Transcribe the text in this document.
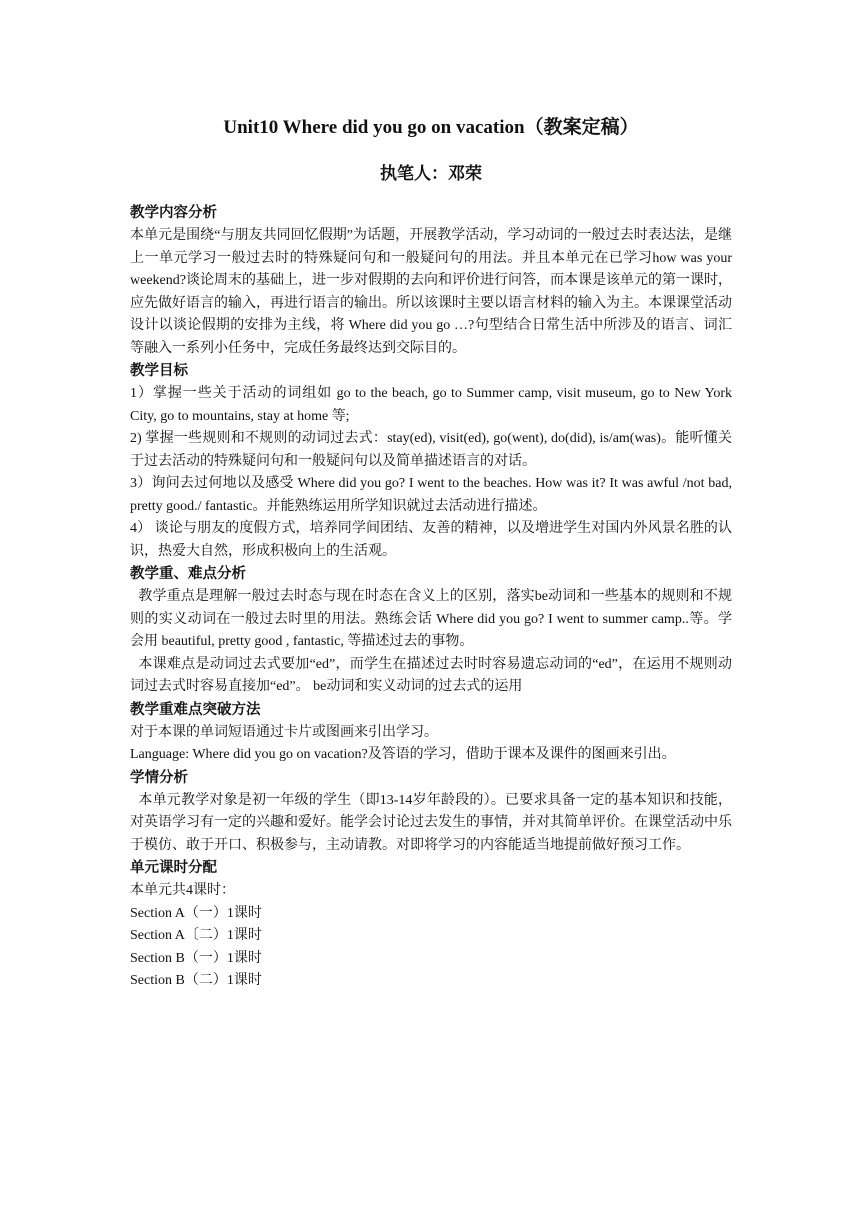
Unit10 Where did you go on vacation（教案定稿）
执笔人：邓荣
教学内容分析

本单元是围绕“与朋友共同回忆假期”为话题，开展教学活动，学习动词的一般过去时表达法，是继上一单元学习一般过去时的特殊疑问句和一般疑问句的用法。并且本单元在已学习how was your weekend?谈论周末的基础上，进一步对假期的去向和评价进行问答，而本课是该单元的第一课时，应先做好语言的输入，再进行语言的输出。所以该课时主要以语言材料的输入为主。本课课堂活动设计以谈论假期的安排为主线，将 Where did you go …?句型结合日常生活中所涉及的语言、词汇等融入一系列小任务中，完成任务最终达到交际目的。

教学目标

1）掌握一些关于活动的词组如 go to the beach, go to Summer camp, visit museum, go to New York City, go to mountains, stay at home 等;

2) 掌握一些规则和不规则的动词过去式：stay(ed), visit(ed), go(went), do(did), is/am(was)。能听懂关于过去活动的特殊疑问句和一般疑问句以及简单描述语言的对话。

3）询问去过何地以及感受 Where did you go? I went to the beaches. How was it? It was awful /not bad, pretty good./ fantastic。并能熟练运用所学知识就过去活动进行描述。

4） 谈论与朋友的度假方式，培养同学间团结、友善的精神，以及增进学生对国内外风景名胜的认识，热爱大自然，形成积极向上的生活观。

教学重、难点分析

教学重点是理解一般过去时态与现在时态在含义上的区别，落实be动词和一些基本的规则和不规则的实义动词在一般过去时里的用法。熟练会话 Where did you go? I went to summer camp..等。学会用 beautiful, pretty good , fantastic, 等描述过去的事物。

本课难点是动词过去式要加“ed”，而学生在描述过去时时容易遗忘动词的“ed”，在运用不规则动词过去式时容易直接加“ed”。 be动词和实义动词的过去式的运用

教学重难点突破方法

对于本课的单词短语通过卡片或图画来引出学习。

Language: Where did you go on vacation?及答语的学习，借助于课本及课件的图画来引出。

学情分析

本单元教学对象是初一年级的学生（即13-14岁年龄段的）。已要求具备一定的基本知识和技能，对英语学习有一定的兴趣和爱好。能学会讨论过去发生的事情，并对其简单评价。在课堂活动中乐于模仿、敢于开口、积极参与，主动请教。对即将学习的内容能适当地提前做好预习工作。

单元课时分配

本单元共4课时：

Section A（一）1课时

Section A〔二）1课时

Section B（一）1课时

Section B（二）1课时
